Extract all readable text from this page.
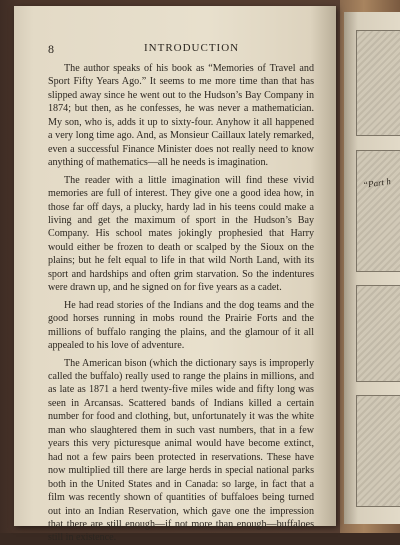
“Part h
8	INTRODUCTION

The author speaks of his book as “Memories of Travel and Sport Fifty Years Ago.” It seems to me more time than that has slipped away since he went out to the Hudson’s Bay Company in 1874; but then, as he confesses, he was never a mathematician. My son, who is, adds it up to sixty-four. Anyhow it all happened a very long time ago. And, as Monsieur Caillaux lately remarked, even a successful Finance Minister does not really need to know anything of mathematics—all he needs is imagination.

The reader with a little imagination will find these vivid memories are full of interest. They give one a good idea how, in those far off days, a plucky, hardy lad in his teens could make a living and get the maximum of sport in the Hudson’s Bay Company. His school mates jokingly prophesied that Harry would either be frozen to death or scalped by the Sioux on the plains; but he felt equal to life in that wild North Land, with its sport and hardships and often grim starvation. So the indentures were drawn up, and he signed on for five years as a cadet.

He had read stories of the Indians and the dog teams and the good horses running in mobs round the Prairie Forts and the millions of buffalo ranging the plains, and the glamour of it all appealed to his love of adventure.

The American bison (which the dictionary says is improperly called the buffalo) really used to range the plains in millions, and as late as 1871 a herd twenty-five miles wide and fifty long was seen in Arcansas. Scattered bands of Indians killed a certain number for food and clothing, but, unfortunately it was the white man who slaughtered them in such vast numbers, that in a few years this very picturesque animal would have become extinct, had not a few pairs been protected in reservations. These have now multiplied till there are large herds in special national parks both in the United States and in Canada: so large, in fact that a film was recently shown of quantities of buffaloes being turned out into an Indian Reservation, which gave one the impression that there are still enough—if not more than enough—buffaloes still in existence.
